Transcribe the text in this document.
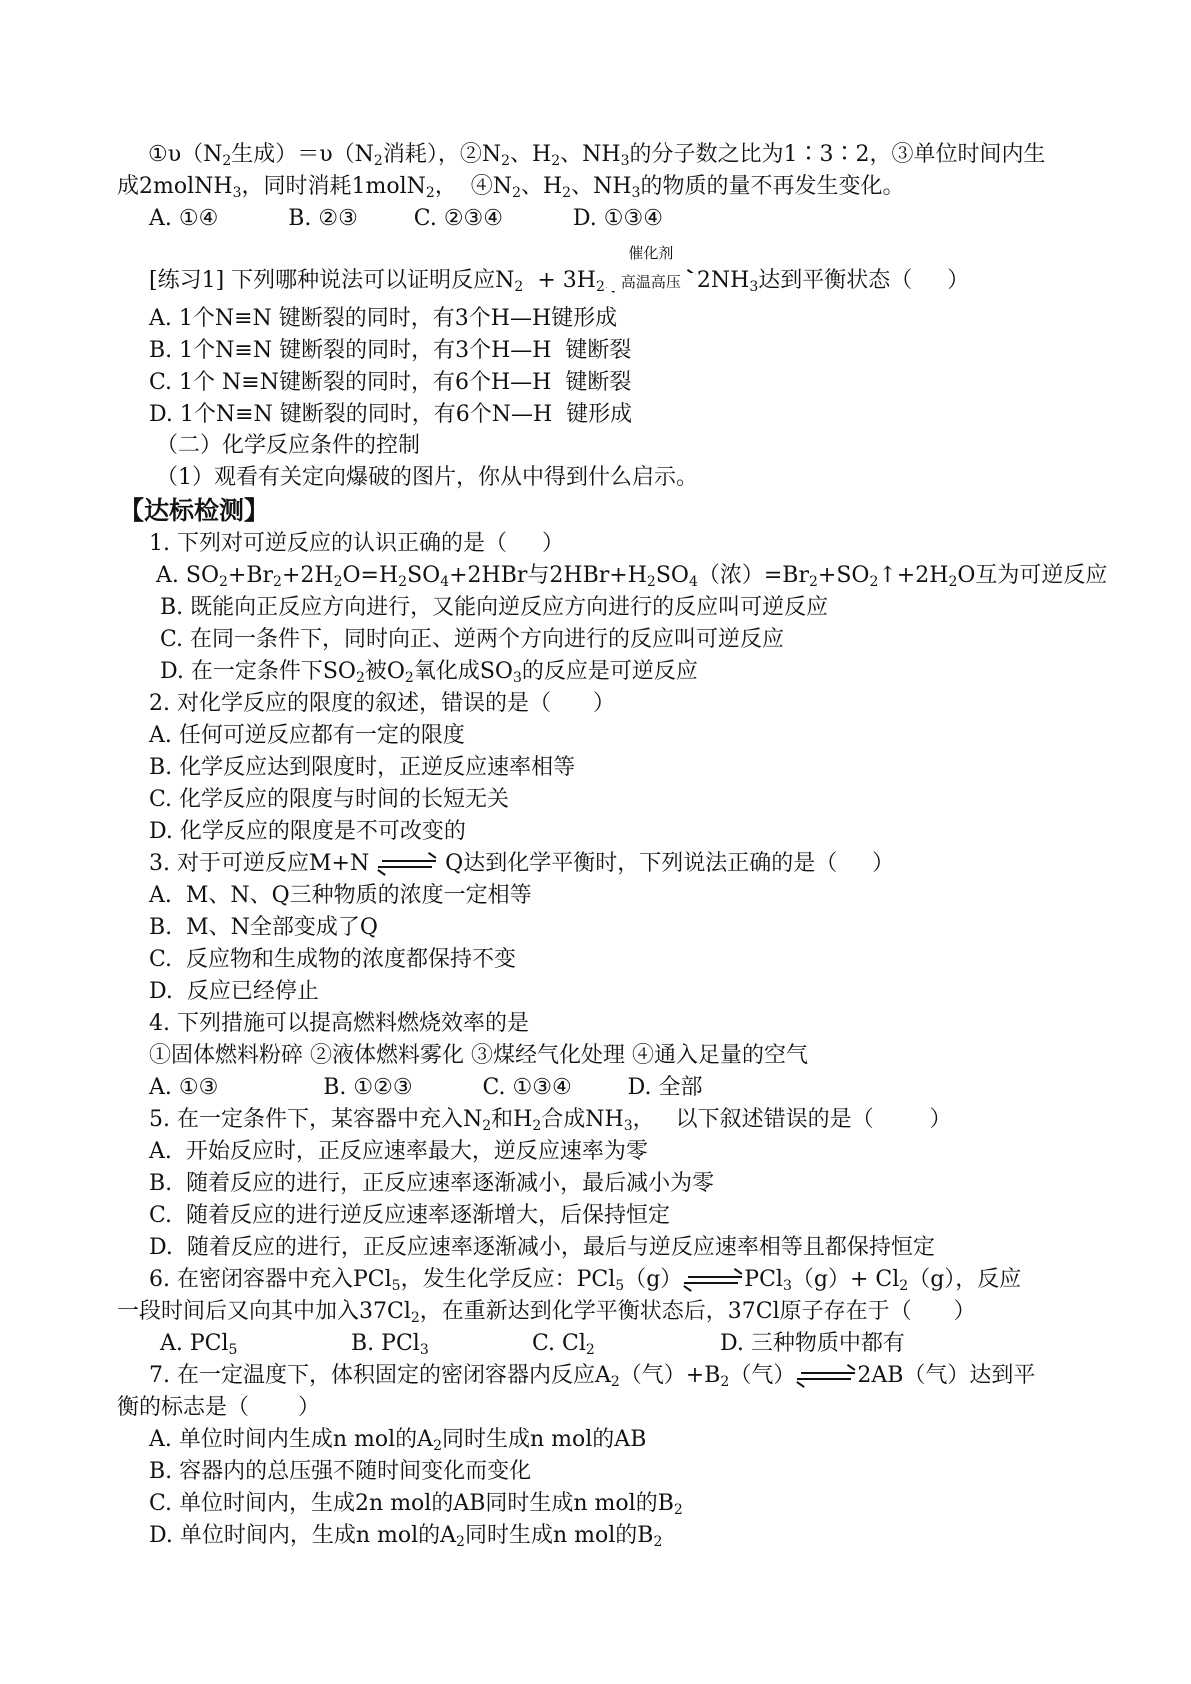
$①\upsilon(N_2$生成）$=\upsilon(N_2$消耗），$②N_2$、$H_2$、$NH_3$的分子数之比为1∶3∶2，③单位时间内生
成2molNH$_3$，同时消耗1molN$_2$，  $④N_2$、$H_2$、$NH_3$的物质的量不再发生变化。
A. ①④          B. ②③        C. ②③④          D. ①③④
[练习1] 下列哪种说法可以证明反应$N_2 + 3H_2$
催化剂
高温高压 $2NH_3$达到平衡状态（     ）
A. 1个N≡N 键断裂的同时，有3个H—H键形成
B. 1个N≡N 键断裂的同时，有3个H—H  键断裂
C. 1个 N≡N键断裂的同时，有6个H—H  键断裂
D. 1个N≡N 键断裂的同时，有6个N—H  键形成
（二）化学反应条件的控制
（1）观看有关定向爆破的图片，你从中得到什么启示。
【达标检测】
1. 下列对可逆反应的认识正确的是（     ）
A. $SO_2+Br_2+2H_2O=H_2SO_4+2HBr$与$2HBr+H_2SO_4$（浓）$=Br_2+SO_2↑+2H_2O$互为可逆反应
B. 既能向正反应方向进行，又能向逆反应方向进行的反应叫可逆反应
C. 在同一条件下，同时向正、逆两个方向进行的反应叫可逆反应
D. 在一定条件下$SO_2$被$O_2$氧化成$SO_3$的反应是可逆反应
2. 对化学反应的限度的叙述，错误的是（      ）
A. 任何可逆反应都有一定的限度
B. 化学反应达到限度时，正逆反应速率相等
C. 化学反应的限度与时间的长短无关
D. 化学反应的限度是不可改变的
3. 对于可逆反应M+N ⇌ Q达到化学平衡时，下列说法正确的是（     ）
A.  M、N、Q三种物质的浓度一定相等
B.  M、N全部变成了Q
C.  反应物和生成物的浓度都保持不变
D.  反应已经停止
4. 下列措施可以提高燃料燃烧效率的是
①固体燃料粉碎 ②液体燃料雾化 ③煤经气化处理 ④通入足量的空气
A. ①③               B. ①②③          C. ①③④        D. 全部
5. 在一定条件下，某容器中充入$N_2$和$H_2$合成$NH_3$，   以下叙述错误的是（        ）
A.  开始反应时，正反应速率最大，逆反应速率为零
B.  随着反应的进行，正反应速率逐渐减小，最后减小为零
C.  随着反应的进行逆反应速率逐渐增大，后保持恒定
D.  随着反应的进行，正反应速率逐渐减小，最后与逆反应速率相等且都保持恒定
6. 在密闭容器中充入PCl$_5$，发生化学反应：PCl$_5$（g） ⇌ $PCl_3(g)+ Cl_2(g)$，反应
一段时间后又向其中加入$37Cl_2$，在重新达到化学平衡状态后，37Cl原子存在于（      ）
A. PCl$_5$	B. PCl$_3$	C. $Cl_2$	D. 三种物质中都有
7. 在一定温度下，体积固定的密闭容器内反应$A_2$（气）$+B_2$（气） ⇌ 2AB（气）达到平
衡的标志是（       ）
A. 单位时间内生成n mol的$A_2$同时生成n mol的AB
B. 容器内的总压强不随时间变化而变化
C. 单位时间内，生成2n mol的AB同时生成n mol的$B_2$
D. 单位时间内，生成n mol的$A_2$同时生成n mol的$B_2$
